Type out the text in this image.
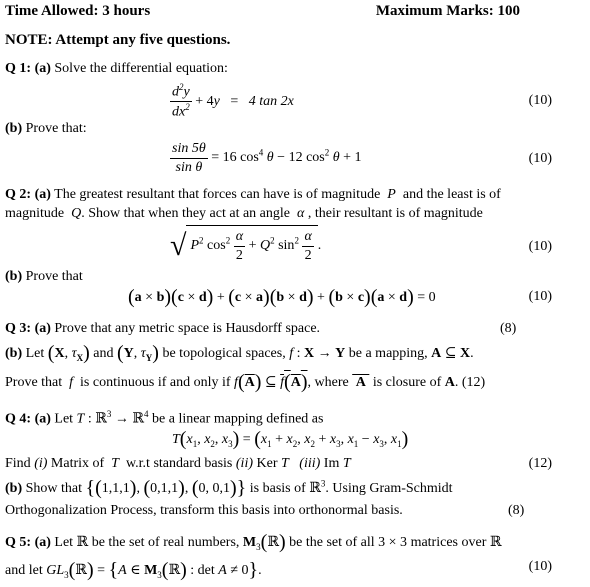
Time Allowed: 3 hours	Maximum Marks: 100
NOTE: Attempt any five questions.
Q 1: (a) Solve the differential equation:
$\frac{d^2y}{dx^2} + 4y = 4$ tan 2x	(10)
(b) Prove that:
$\frac{\sin 5\theta}{\text{sin θ}} = 16$ $\cos^4 \theta - 12$ $\cos^2 \theta + 1$	(10)
Q 2: (a) The greatest resultant that forces can have is of magnitude  P  and the least is of
magnitude  Q. Show that when they act at an angle  α , their resultant is of magnitude
√ $P^2$ $\cos^2 \frac{\alpha}{2} + Q^2$ $\sin^2 \frac{\alpha}{2}$ .	(10)
(b) Prove that
(a × b)(c × d) + (c × a)(b × d) + (b × c)(a × d) = 0	(10)
Q 3: (a) Prove that any metric space is Hausdorff space.	(8)
(b) Let (X, $\tau_X$) and (Y, $\tau_Y$) be topological spaces, f : X → Y be a mapping, A ⊆ X.
Prove that  f  is continuous if and only if $f(\overline{A})$ ⊆ f(A), where  A  is closure of A. (12)
Q 4: (a) Let T : ℝ$^3$ → ℝ$^4$ be a linear mapping defined as
$T(x_1$, $x_2$, $x_3) = (x_1 + x_2$, $x_2 + x_3$, $x_1 - x_3$, $x_1$)
Find (i) Matrix of  T  w.r.t standard basis (ii) Ker T   (iii) Im T	(12)
(b) Show that {(1,1,1), (0,1,1), (0, 0,1)} is basis of ℝ$^3$. Using Gram-Schmidt
Orthogonalization Process, transform this basis into orthonormal basis.	(8)
Q 5: (a) Let ℝ be the set of real numbers, $M_3(ℝ)$ be the set of all 3 × 3 matrices over ℝ
and let $GL_3(ℝ) = \{A$ ∈ $M_3(ℝ)$ : det A ≠ 0}.	(10)
